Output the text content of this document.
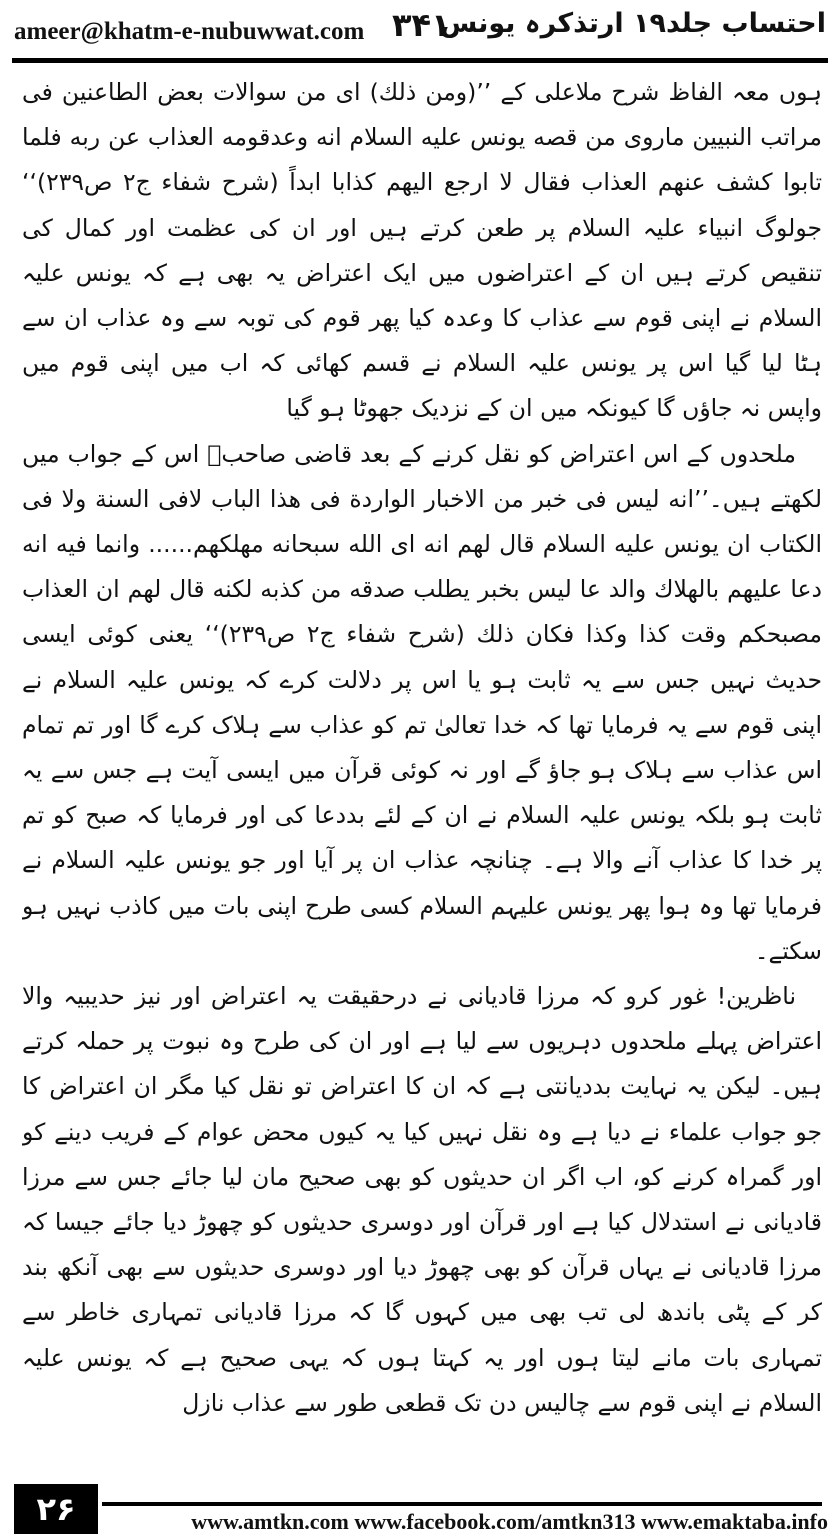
ameer@khatm-e-nubuwwat.com ۳۴۱
احتساب جلد۱۹ ارتذکرہ یونس

ہوں معہ الفاظ شرح ملاعلی کے ’’(ومن ذلك) ای من سوالات بعض الطاعنین فی مراتب النبیین ماروی من قصه یونس علیه السلام انه وعدقومه العذاب عن ربه فلما تابوا کشف عنهم العذاب فقال لا ارجع الیهم کذابا ابداً (شرح شفاء ج۲ ص۲۳۹)‘‘ جولوگ انبیاء علیہ السلام پر طعن کرتے ہیں اور ان کی عظمت اور کمال کی تنقیص کرتے ہیں ان کے اعتراضوں میں ایک اعتراض یہ بھی ہے کہ یونس علیہ السلام نے اپنی قوم سے عذاب کا وعدہ کیا پھر قوم کی توبہ سے وہ عذاب ان سے ہٹا لیا گیا اس پر یونس علیہ السلام نے قسم کھائی کہ اب میں اپنی قوم میں واپس نہ جاؤں گا کیونکہ میں ان کے نزدیک جھوٹا ہو گیا

ملحدوں کے اس اعتراض کو نقل کرنے کے بعد قاضی صاحبؒ اس کے جواب میں لکھتے ہیں۔’’انه لیس فی خبر من الاخبار الواردة فی هذا الباب لافی السنة ولا فی الکتاب ان یونس علیه السلام قال لهم انه ای الله سبحانه مهلکهم...... وانما فیه انه دعا علیهم بالهلاك والد عا لیس بخبر یطلب صدقه من کذبه لکنه قال لهم ان العذاب مصبحکم وقت کذا وکذا فکان ذلك (شرح شفاء ج۲ ص۲۳۹)‘‘ یعنی کوئی ایسی حدیث نہیں جس سے یہ ثابت ہو یا اس پر دلالت کرے کہ یونس علیہ السلام نے اپنی قوم سے یہ فرمایا تھا کہ خدا تعالیٰ تم کو عذاب سے ہلاک کرے گا اور تم تمام اس عذاب سے ہلاک ہو جاؤ گے اور نہ کوئی قرآن میں ایسی آیت ہے جس سے یہ ثابت ہو بلکہ یونس علیہ السلام نے ان کے لئے بددعا کی اور فرمایا کہ صبح کو تم پر خدا کا عذاب آنے والا ہے۔ چنانچہ عذاب ان پر آیا اور جو یونس علیہ السلام نے فرمایا تھا وہ ہوا پھر یونس علیہم السلام کسی طرح اپنی بات میں کاذب نہیں ہو سکتے۔

ناظرین! غور کرو کہ مرزا قادیانی نے درحقیقت یہ اعتراض اور نیز حدیبیہ والا اعتراض پہلے ملحدوں دہریوں سے لیا ہے اور ان کی طرح وہ نبوت پر حملہ کرتے ہیں۔ لیکن یہ نہایت بددیانتی ہے کہ ان کا اعتراض تو نقل کیا مگر ان اعتراض کا جو جواب علماء نے دیا ہے وہ نقل نہیں کیا یہ کیوں محض عوام کے فریب دینے کو اور گمراہ کرنے کو، اب اگر ان حدیثوں کو بھی صحیح مان لیا جائے جس سے مرزا قادیانی نے استدلال کیا ہے اور قرآن اور دوسری حدیثوں کو چھوڑ دیا جائے جیسا کہ مرزا قادیانی نے یہاں قرآن کو بھی چھوڑ دیا اور دوسری حدیثوں سے بھی آنکھ بند کر کے پٹی باندھ لی تب بھی میں کہوں گا کہ مرزا قادیانی تمہاری خاطر سے تمہاری بات مانے لیتا ہوں اور یہ کہتا ہوں کہ یہی صحیح ہے کہ یونس علیہ السلام نے اپنی قوم سے چالیس دن تک قطعی طور سے عذاب نازل

۲۶	www.amtkn.com www.facebook.com/amtkn313 www.emaktaba.info
